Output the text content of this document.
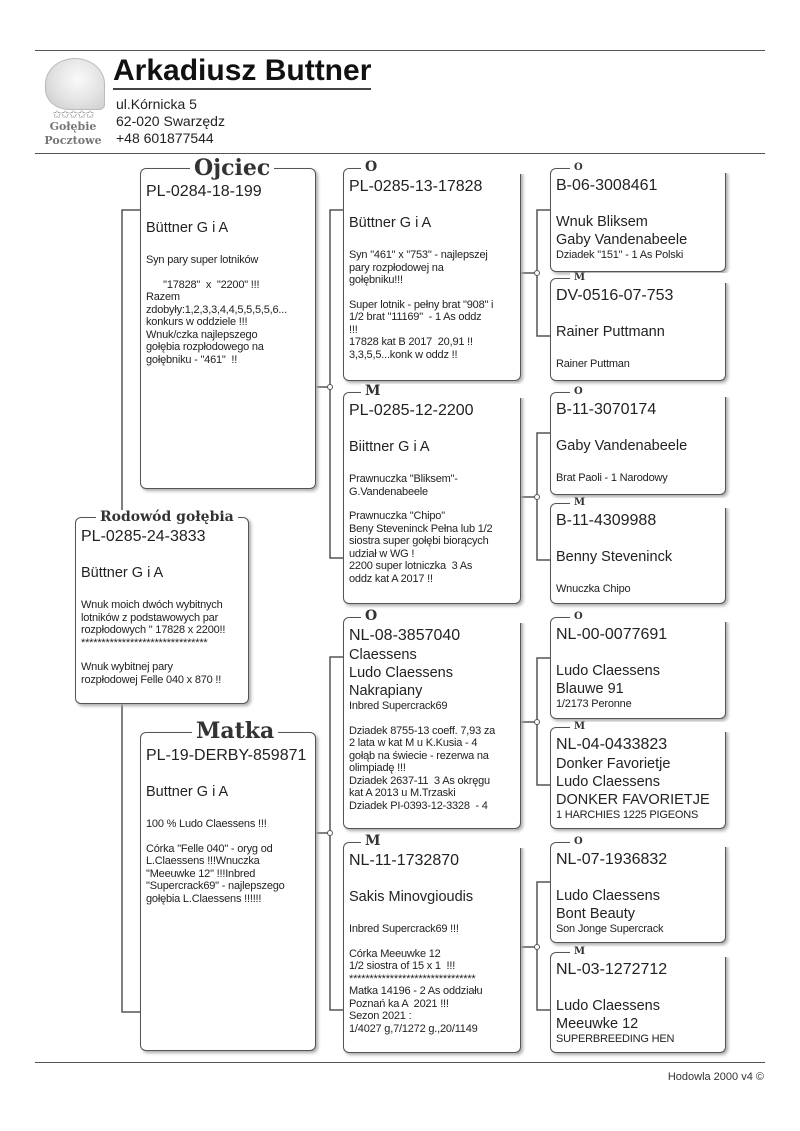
✩✩✩✩✩
Gołębie
Pocztowe
Arkadiusz Buttner
ul.Kórnicka 5
62-020 Swarzędz
+48 601877544
PL-0285-24-3833
Büttner G i A
Wnuk moich dwóch wybitnych
lotników z podstawowych par
rozpłodowych " 17828 x 2200!!
*******************************
Wnuk wybitnej pary
rozpłodowej Felle 040 x 870 !!
PL-0284-18-199
Büttner G i A
Syn pary super lotników
"17828"  x  "2200" !!!
Razem
zdobyły:1,2,3,3,4,4,5,5,5,5,6...
konkurs w oddziele !!!
Wnuk/czka najlepszego
gołębia rozpłodowego na
gołębniku - "461"  !!
PL-19-DERBY-859871
Buttner G i A
100 % Ludo Claessens !!!
Córka "Felle 040" - oryg od
L.Claessens !!!Wnuczka
"Meeuwke 12" !!!Inbred
"Supercrack69" - najlepszego
gołębia L.Claessens !!!!!!
PL-0285-13-17828
Büttner G i A
Syn "461" x "753" - najlepszej
pary rozpłodowej na
gołębniku!!!
Super lotnik - pełny brat "908" i
1/2 brat "11169"  - 1 As oddz
!!!
17828 kat B 2017  20,91 !!
3,3,5,5...konk w oddz !!
PL-0285-12-2200
Biittner G i A
Prawnuczka "Bliksem"-
G.Vandenabeele
Prawnuczka "Chipo"
Beny Steveninck Pełna lub 1/2
siostra super gołębi biorących
udział w WG !
2200 super lotniczka  3 As
oddz kat A 2017 !!
NL-08-3857040
Claessens
Ludo Claessens
Nakrapiany
Inbred Supercrack69
Dziadek 8755-13 coeff. 7,93 za
2 lata w kat M u K.Kusia - 4
gołąb na świecie - rezerwa na
olimpiadę !!!
Dziadek 2637-11  3 As okręgu
kat A 2013 u M.Trzaski
Dziadek PI-0393-12-3328  - 4
NL-11-1732870
Sakis Minovgioudis
Inbred Supercrack69 !!!
Córka Meeuwke 12
1/2 siostra of 15 x 1  !!!
*******************************
Matka 14196 - 2 As oddziału
Poznań ka A  2021 !!!
Sezon 2021 :
1/4027 g,7/1272 g.,20/1149
B-06-3008461
Wnuk Bliksem
Gaby Vandenabeele
Dziadek "151" - 1 As Polski
DV-0516-07-753
Rainer Puttmann
Rainer Puttman
B-11-3070174
Gaby Vandenabeele
Brat Paoli - 1 Narodowy
B-11-4309988
Benny Steveninck
Wnuczka Chipo
NL-00-0077691
Ludo Claessens
Blauwe 91
1/2173 Peronne
NL-04-0433823
Donker Favorietje
Ludo Claessens
DONKER FAVORIETJE
1 HARCHIES 1225 PIGEONS
NL-07-1936832
Ludo Claessens
Bont Beauty
Son Jonge Supercrack
NL-03-1272712
Ludo Claessens
Meeuwke 12
SUPERBREEDING HEN
Rodowód gołębia
Ojciec
Matka
O
M
O
M
O
M
O
M
O
M
O
M
Hodowla 2000 v4 ©
